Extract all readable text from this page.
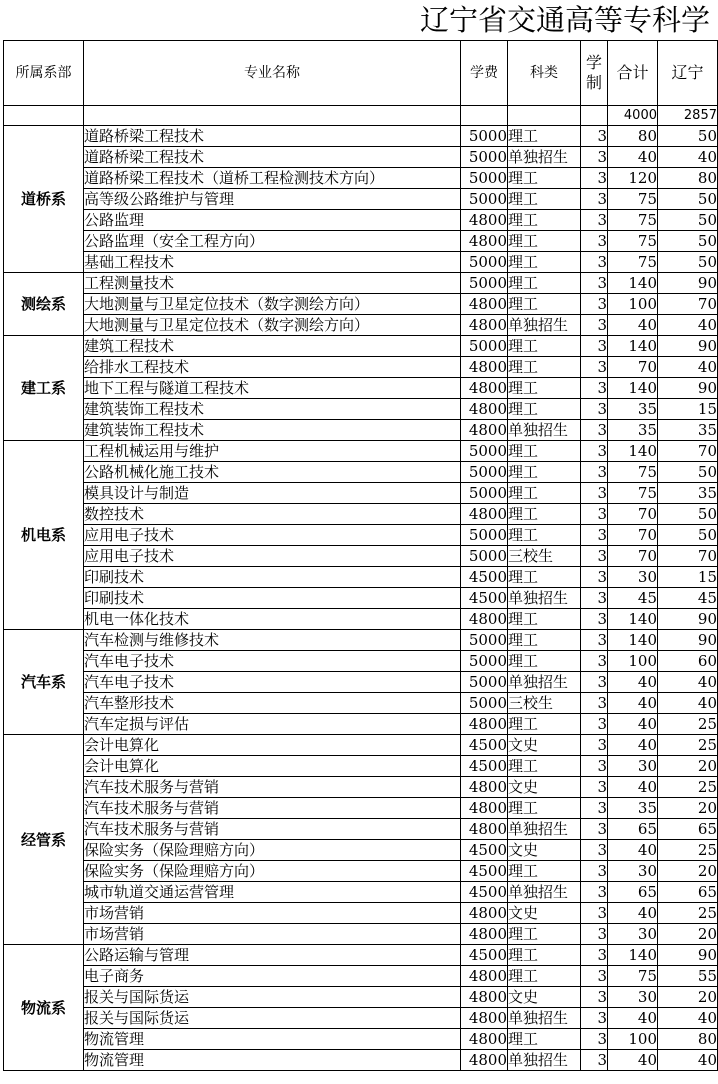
辽宁省交通高等专科学
所属系部	专业名称	学费	科类	学制	合计	辽宁
					4000	2857
道桥系	道路桥梁工程技术	5000	理工	3	80	50
	道路桥梁工程技术	5000	单独招生	3	40	40
	道路桥梁工程技术（道桥工程检测技术方向）	5000	理工	3	120	80
	高等级公路维护与管理	5000	理工	3	75	50
	公路监理	4800	理工	3	75	50
	公路监理（安全工程方向）	4800	理工	3	75	50
	基础工程技术	5000	理工	3	75	50
测绘系	工程测量技术	5000	理工	3	140	90
	大地测量与卫星定位技术（数字测绘方向）	4800	理工	3	100	70
	大地测量与卫星定位技术（数字测绘方向）	4800	单独招生	3	40	40
建工系	建筑工程技术	5000	理工	3	140	90
	给排水工程技术	4800	理工	3	70	40
	地下工程与隧道工程技术	4800	理工	3	140	90
	建筑装饰工程技术	4800	理工	3	35	15
	建筑装饰工程技术	4800	单独招生	3	35	35
机电系	工程机械运用与维护	5000	理工	3	140	70
	公路机械化施工技术	5000	理工	3	75	50
	模具设计与制造	5000	理工	3	75	35
	数控技术	4800	理工	3	70	50
	应用电子技术	5000	理工	3	70	50
	应用电子技术	5000	三校生	3	70	70
	印刷技术	4500	理工	3	30	15
	印刷技术	4500	单独招生	3	45	45
	机电一体化技术	4800	理工	3	140	90
汽车系	汽车检测与维修技术	5000	理工	3	140	90
	汽车电子技术	5000	理工	3	100	60
	汽车电子技术	5000	单独招生	3	40	40
	汽车整形技术	5000	三校生	3	40	40
	汽车定损与评估	4800	理工	3	40	25
经管系	会计电算化	4500	文史	3	40	25
	会计电算化	4500	理工	3	30	20
	汽车技术服务与营销	4800	文史	3	40	25
	汽车技术服务与营销	4800	理工	3	35	20
	汽车技术服务与营销	4800	单独招生	3	65	65
	保险实务（保险理赔方向）	4500	文史	3	40	25
	保险实务（保险理赔方向）	4500	理工	3	30	20
	城市轨道交通运营管理	4500	单独招生	3	65	65
	市场营销	4800	文史	3	40	25
	市场营销	4800	理工	3	30	20
物流系	公路运输与管理	4500	理工	3	140	90
	电子商务	4800	理工	3	75	55
	报关与国际货运	4800	文史	3	30	20
	报关与国际货运	4800	单独招生	3	40	40
	物流管理	4800	理工	3	100	80
	物流管理	4800	单独招生	3	40	40
